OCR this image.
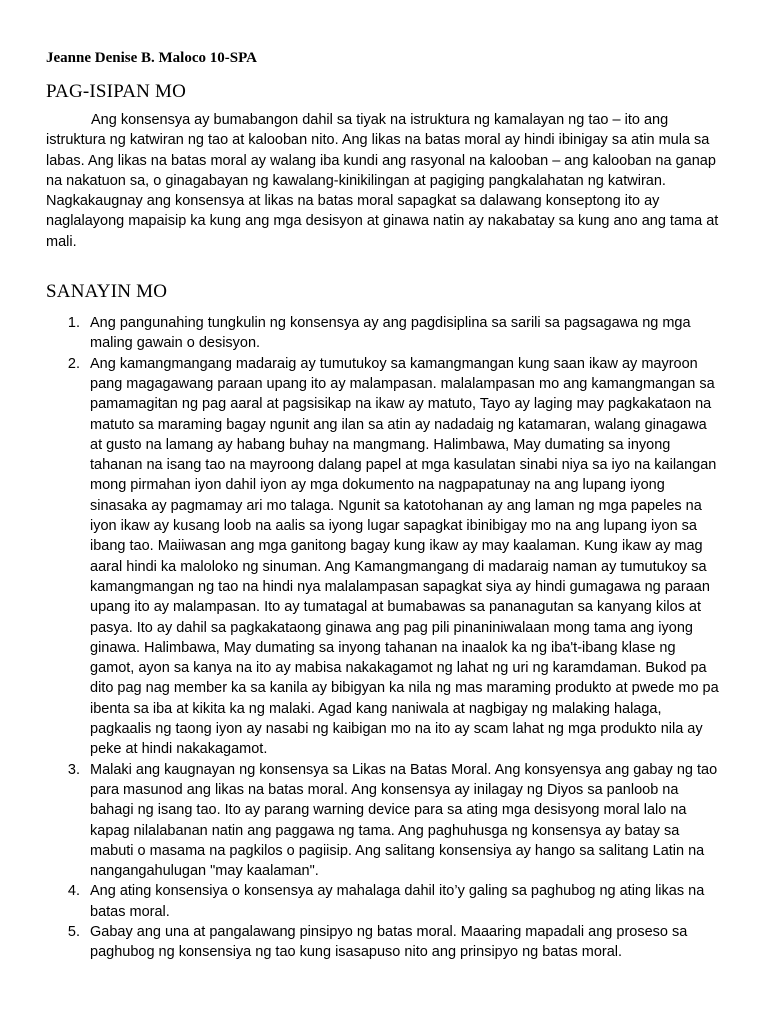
Jeanne Denise B. Maloco 10-SPA
PAG-ISIPAN MO

Ang konsensya ay bumabangon dahil sa tiyak na istruktura ng kamalayan ng tao – ito ang istruktura ng katwiran ng tao at kalooban nito. Ang likas na batas moral ay hindi ibinigay sa atin mula sa labas. Ang likas na batas moral ay walang iba kundi ang rasyonal na kalooban – ang kalooban na ganap na nakatuon sa, o ginagabayan ng kawalang-kinikilingan at pagiging pangkalahatan ng katwiran. Nagkakaugnay ang konsensya at likas na batas moral sapagkat sa dalawang konseptong ito ay naglalayong mapaisip ka kung ang mga desisyon at ginawa natin ay nakabatay sa kung ano ang tama at mali.

SANAYIN MO
1. Ang pangunahing tungkulin ng konsensya ay ang pagdisiplina sa sarili sa pagsagawa ng mga maling gawain o desisyon.
2. Ang kamangmangang madaraig ay tumutukoy sa kamangmangan kung saan ikaw ay mayroon pang magagawang paraan upang ito ay malampasan. malalampasan mo ang kamangmangan sa pamamagitan ng pag aaral at pagsisikap na ikaw ay matuto, Tayo ay laging may pagkakataon na matuto sa maraming bagay ngunit ang ilan sa atin ay nadadaig ng katamaran, walang ginagawa at gusto na lamang ay habang buhay na mangmang. Halimbawa, May dumating sa inyong tahanan na isang tao na mayroong dalang papel at mga kasulatan sinabi niya sa iyo na kailangan mong pirmahan iyon dahil iyon ay mga dokumento na nagpapatunay na ang lupang iyong sinasaka ay pagmamay ari mo talaga. Ngunit sa katotohanan ay ang laman ng mga papeles na iyon ikaw ay kusang loob na aalis sa iyong lugar sapagkat ibinibigay mo na ang lupang iyon sa ibang tao. Maiiwasan ang mga ganitong bagay kung ikaw ay may kaalaman. Kung ikaw ay mag aaral hindi ka maloloko ng sinuman. Ang Kamangmangang di madaraig naman ay tumutukoy sa kamangmangan ng tao na hindi nya malalampasan sapagkat siya ay hindi gumagawa ng paraan upang ito ay malampasan. Ito ay tumatagal at bumabawas sa pananagutan sa kanyang kilos at pasya. Ito ay dahil sa pagkakataong ginawa ang pag pili pinaniniwalaan mong tama ang iyong ginawa. Halimbawa, May dumating sa inyong tahanan na inaalok ka ng iba't-ibang klase ng gamot, ayon sa kanya na ito ay mabisa nakakagamot ng lahat ng uri ng karamdaman. Bukod pa dito pag nag member ka sa kanila ay bibigyan ka nila ng mas maraming produkto at pwede mo pa ibenta sa iba at kikita ka ng malaki. Agad kang naniwala at nagbigay ng malaking halaga, pagkaalis ng taong iyon ay nasabi ng kaibigan mo na ito ay scam lahat ng mga produkto nila ay peke at hindi nakakagamot.
3. Malaki ang kaugnayan ng konsensya sa Likas na Batas Moral. Ang konsyensya ang gabay ng tao para masunod ang likas na batas moral. Ang konsensya ay inilagay ng Diyos sa panloob na bahagi ng isang tao. Ito ay parang warning device para sa ating mga desisyong moral lalo na kapag nilalabanan natin ang paggawa ng tama. Ang paghuhusga ng konsensya ay batay sa mabuti o masama na pagkilos o pagiisip. Ang salitang konsensiya ay hango sa salitang Latin na nangangahulugan "may kaalaman".
4. Ang ating konsensiya o konsensya ay mahalaga dahil ito’y galing sa paghubog ng ating likas na batas moral.
5. Gabay ang una at pangalawang pinsipyo ng batas moral. Maaaring mapadali ang proseso sa paghubog ng konsensiya ng tao kung isasapuso nito ang prinsipyo ng batas moral.
